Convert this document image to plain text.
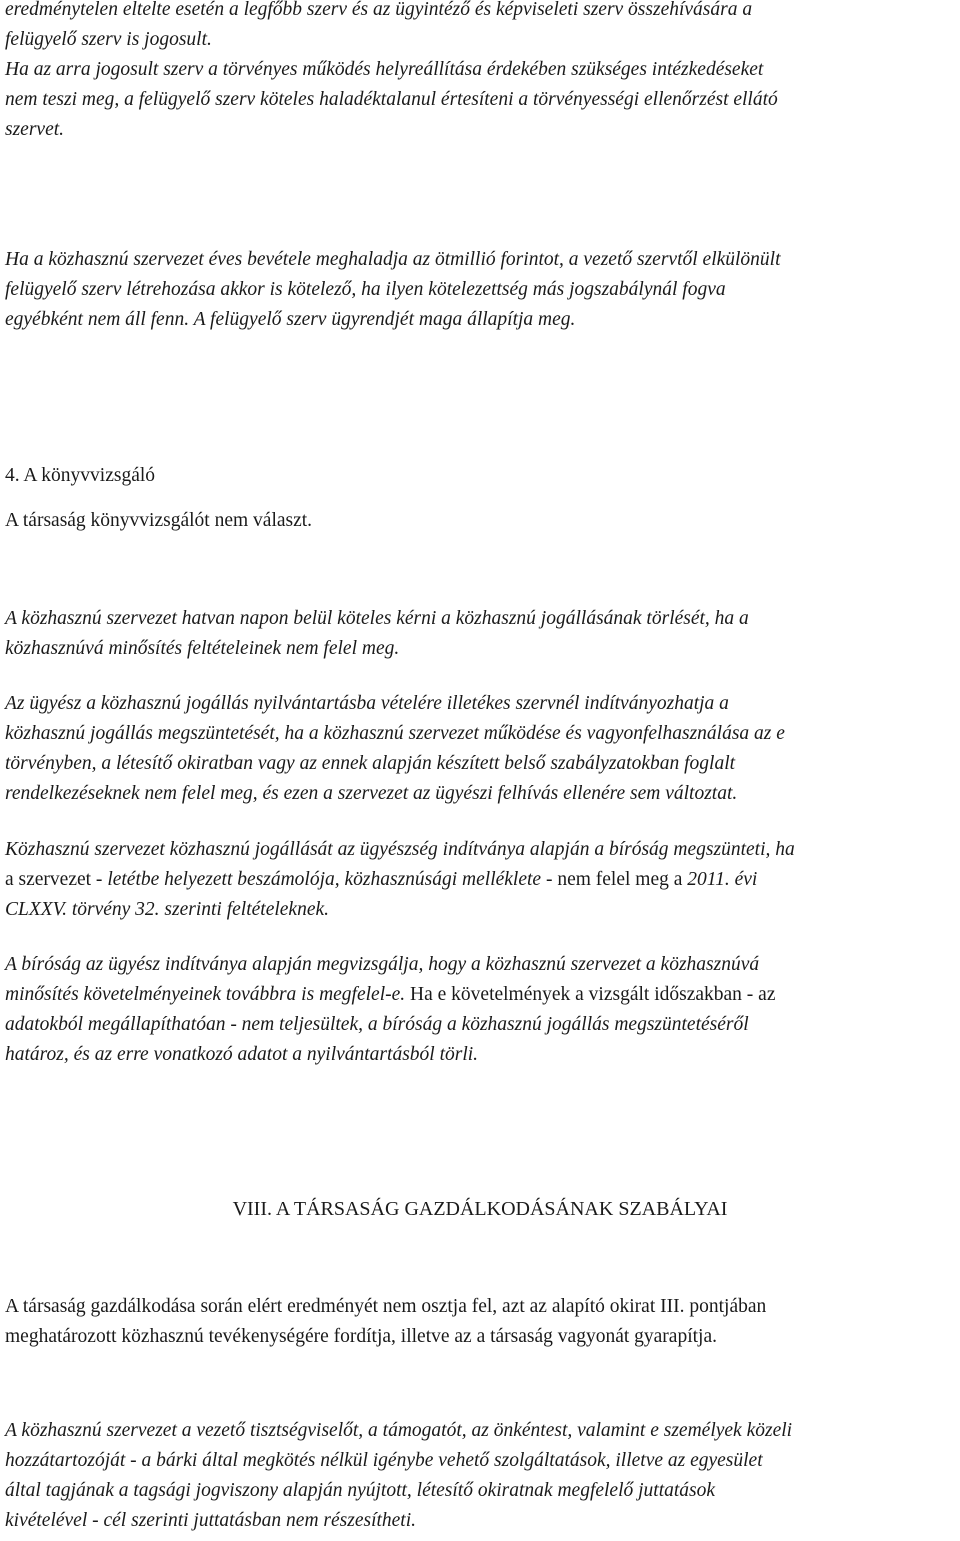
eredménytelen eltelte esetén a legfőbb szerv és az ügyintéző és képviseleti szerv összehívására a
felügyelő szerv is jogosult.

Ha az arra jogosult szerv a törvényes működés helyreállítása érdekében szükséges intézkedéseket
nem teszi meg, a felügyelő szerv köteles haladéktalanul értesíteni a törvényességi ellenőrzést ellátó
szervet.

Ha a közhasznú szervezet éves bevétele meghaladja az ötmillió forintot, a vezető szervtől elkülönült
felügyelő szerv létrehozása akkor is kötelező, ha ilyen kötelezettség más jogszabálynál fogva
egyébként nem áll fenn. A felügyelő szerv ügyrendjét maga állapítja meg.

4. A könyvvizsgáló

A társaság könyvvizsgálót nem választ.

A közhasznú szervezet hatvan napon belül köteles kérni a közhasznú jogállásának törlését, ha a
közhasznúvá minősítés feltételeinek nem felel meg.

Az ügyész a közhasznú jogállás nyilvántartásba vételére illetékes szervnél indítványozhatja a
közhasznú jogállás megszüntetését, ha a közhasznú szervezet működése és vagyonfelhasználása az e
törvényben, a létesítő okiratban vagy az ennek alapján készített belső szabályzatokban foglalt
rendelkezéseknek nem felel meg, és ezen a szervezet az ügyészi felhívás ellenére sem változtat.

Közhasznú szervezet közhasznú jogállását az ügyészség indítványa alapján a bíróság megszünteti, ha
a szervezet - letétbe helyezett beszámolója, közhasznúsági melléklete - nem felel meg a 2011. évi
CLXXV. törvény 32. szerinti feltételeknek.

A bíróság az ügyész indítványa alapján megvizsgálja, hogy a közhasznú szervezet a közhasznúvá
minősítés követelményeinek továbbra is megfelel-e. Ha e követelmények a vizsgált időszakban - az
adatokból megállapíthatóan - nem teljesültek, a bíróság a közhasznú jogállás megszüntetéséről
határoz, és az erre vonatkozó adatot a nyilvántartásból törli.

VIII. A TÁRSASÁG GAZDÁLKODÁSÁNAK SZABÁLYAI

A társaság gazdálkodása során elért eredményét nem osztja fel, azt az alapító okirat III. pontjában
meghatározott közhasznú tevékenységére fordítja, illetve az a társaság vagyonát gyarapítja.

A közhasznú szervezet a vezető tisztségviselőt, a támogatót, az önkéntest, valamint e személyek közeli
hozzátartozóját - a bárki által megkötés nélkül igénybe vehető szolgáltatások, illetve az egyesület
által tagjának a tagsági jogviszony alapján nyújtott, létesítő okiratnak megfelelő juttatások
kivételével - cél szerinti juttatásban nem részesítheti.
